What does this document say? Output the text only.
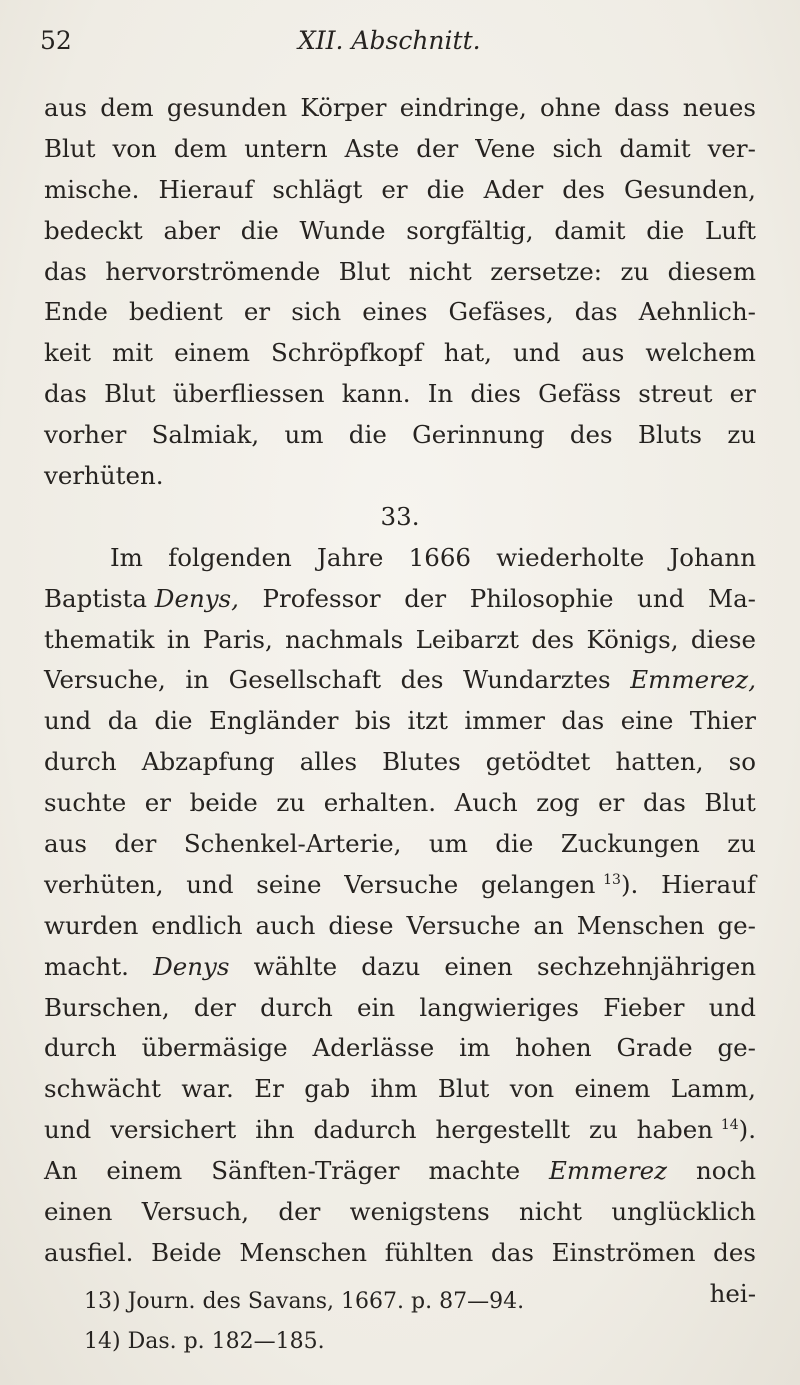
52	XII. Abschnitt.
aus dem gesunden Körper eindringe, ohne dass neues
Blut von dem untern Aste der Vene sich damit ver-
mische. Hierauf schlägt er die Ader des Gesunden,
bedeckt aber die Wunde sorgfältig, damit die Luft
das hervorströmende Blut nicht zersetze: zu diesem
Ende bedient er sich eines Gefäses, das Aehnlich-
keit mit einem Schröpfkopf hat, und aus welchem
das Blut überfliessen kann. In dies Gefäss streut er
vorher Salmiak, um die Gerinnung des Bluts zu
verhüten.
33.
Im folgenden Jahre 1666 wiederholte Johann
Baptista Denys, Professor der Philosophie und Ma-
thematik in Paris, nachmals Leibarzt des Königs, diese
Versuche, in Gesellschaft des Wundarztes Emmerez,
und da die Engländer bis itzt immer das eine Thier
durch Abzapfung alles Blutes getödtet hatten, so
suchte er beide zu erhalten. Auch zog er das Blut
aus der Schenkel-Arterie, um die Zuckungen zu
verhüten, und seine Versuche gelangen $^{13}$). Hierauf
wurden endlich auch diese Versuche an Menschen ge-
macht. Denys wählte dazu einen sechzehnjährigen
Burschen, der durch ein langwieriges Fieber und
durch übermäsige Aderlässe im hohen Grade ge-
schwächt war. Er gab ihm Blut von einem Lamm,
und versichert ihn dadurch hergestellt zu haben $^{14}$).
An einem Sänften-Träger machte Emmerez noch
einen Versuch, der wenigstens nicht unglücklich
ausfiel. Beide Menschen fühlten das Einströmen des
hei-
13) Journ. des Savans, 1667. p. 87—94.
14) Das. p. 182—185.
